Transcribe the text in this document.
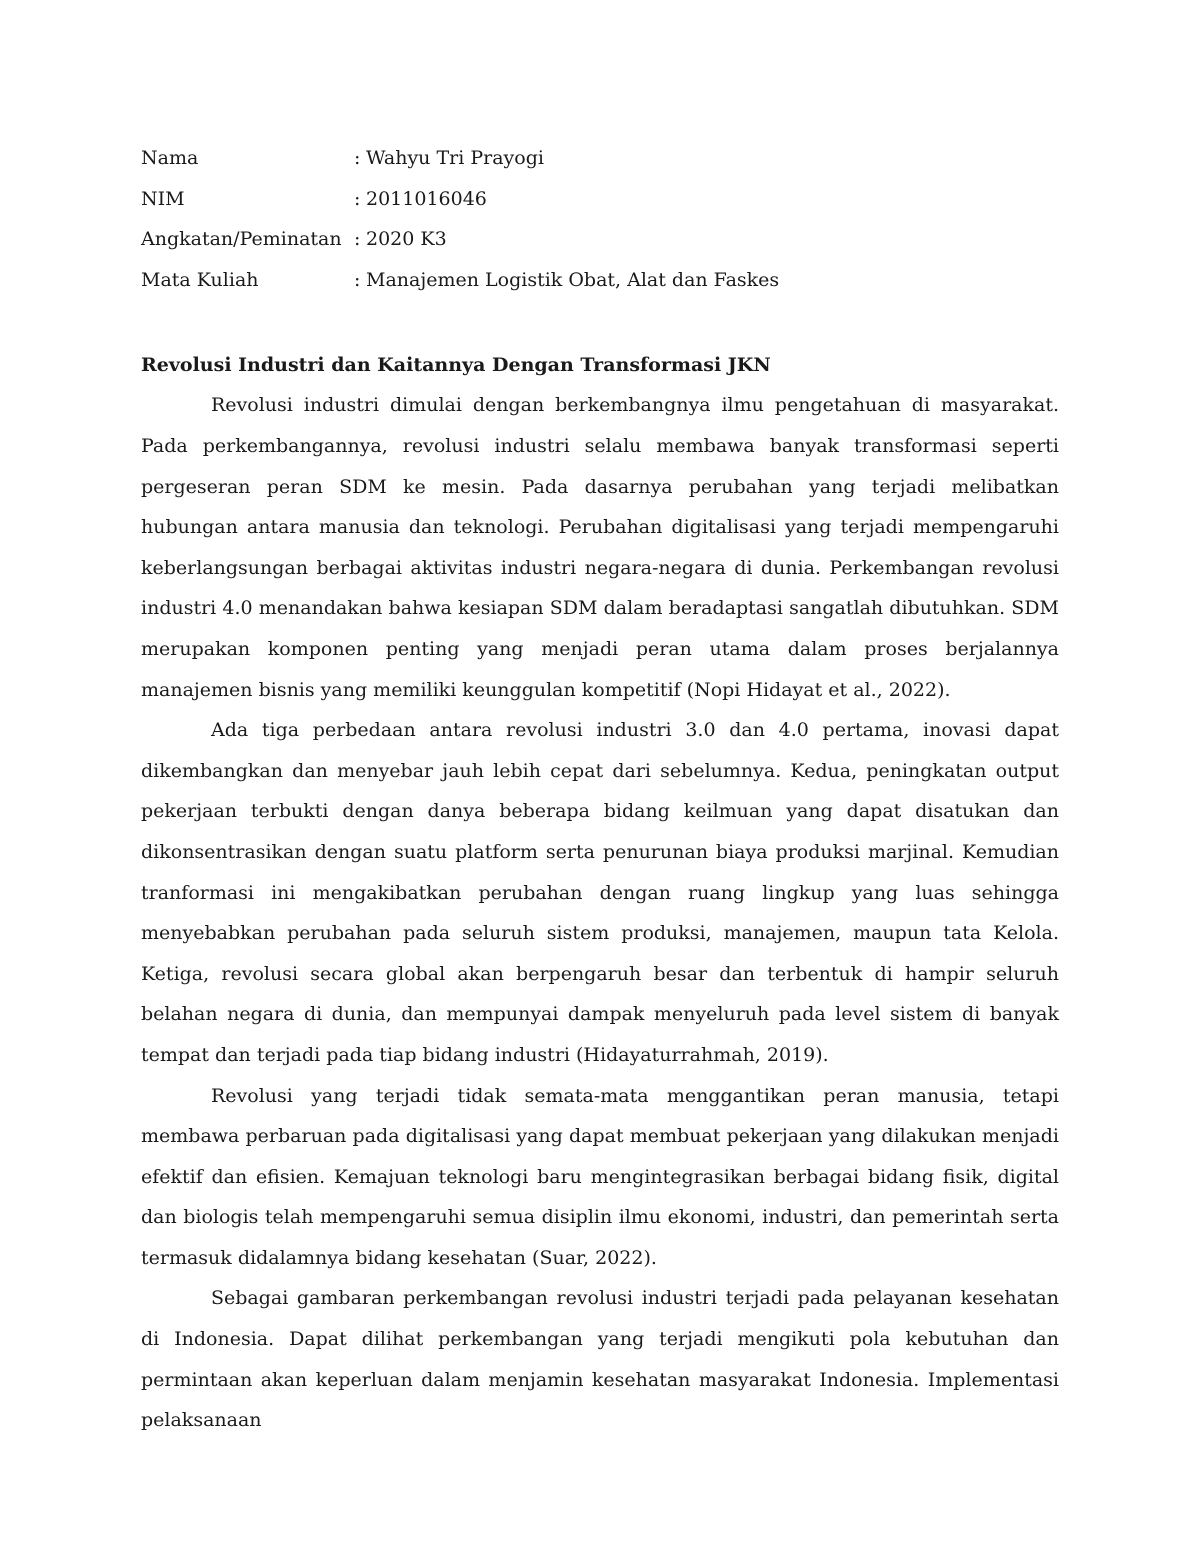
Nama	:	Wahyu Tri Prayogi
NIM	:	2011016046
Angkatan/Peminatan	:	2020 K3
Mata Kuliah	:	Manajemen Logistik Obat, Alat dan Faskes
Revolusi Industri dan Kaitannya Dengan Transformasi JKN

Revolusi industri dimulai dengan berkembangnya ilmu pengetahuan di masyarakat. Pada perkembangannya, revolusi industri selalu membawa banyak transformasi seperti pergeseran peran SDM ke mesin. Pada dasarnya perubahan yang terjadi melibatkan hubungan antara manusia dan teknologi. Perubahan digitalisasi yang terjadi mempengaruhi keberlangsungan berbagai aktivitas industri negara-negara di dunia. Perkembangan revolusi industri 4.0 menandakan bahwa kesiapan SDM dalam beradaptasi sangatlah dibutuhkan. SDM merupakan komponen penting yang menjadi peran utama dalam proses berjalannya manajemen bisnis yang memiliki keunggulan kompetitif (Nopi Hidayat et al., 2022).

Ada tiga perbedaan antara revolusi industri 3.0 dan 4.0 pertama, inovasi dapat dikembangkan dan menyebar jauh lebih cepat dari sebelumnya. Kedua, peningkatan output pekerjaan terbukti dengan danya beberapa bidang keilmuan yang dapat disatukan dan dikonsentrasikan dengan suatu platform serta penurunan biaya produksi marjinal. Kemudian tranformasi ini mengakibatkan perubahan dengan ruang lingkup yang luas sehingga menyebabkan perubahan pada seluruh sistem produksi, manajemen, maupun tata Kelola. Ketiga, revolusi secara global akan berpengaruh besar dan terbentuk di hampir seluruh belahan negara di dunia, dan mempunyai dampak menyeluruh pada level sistem di banyak tempat dan terjadi pada tiap bidang industri (Hidayaturrahmah, 2019).

Revolusi yang terjadi tidak semata-mata menggantikan peran manusia, tetapi membawa perbaruan pada digitalisasi yang dapat membuat pekerjaan yang dilakukan menjadi efektif dan efisien. Kemajuan teknologi baru mengintegrasikan berbagai bidang fisik, digital dan biologis telah mempengaruhi semua disiplin ilmu ekonomi, industri, dan pemerintah serta termasuk didalamnya bidang kesehatan (Suar, 2022).

Sebagai gambaran perkembangan revolusi industri terjadi pada pelayanan kesehatan di Indonesia. Dapat dilihat perkembangan yang terjadi mengikuti pola kebutuhan dan permintaan akan keperluan dalam menjamin kesehatan masyarakat Indonesia. Implementasi pelaksanaan
